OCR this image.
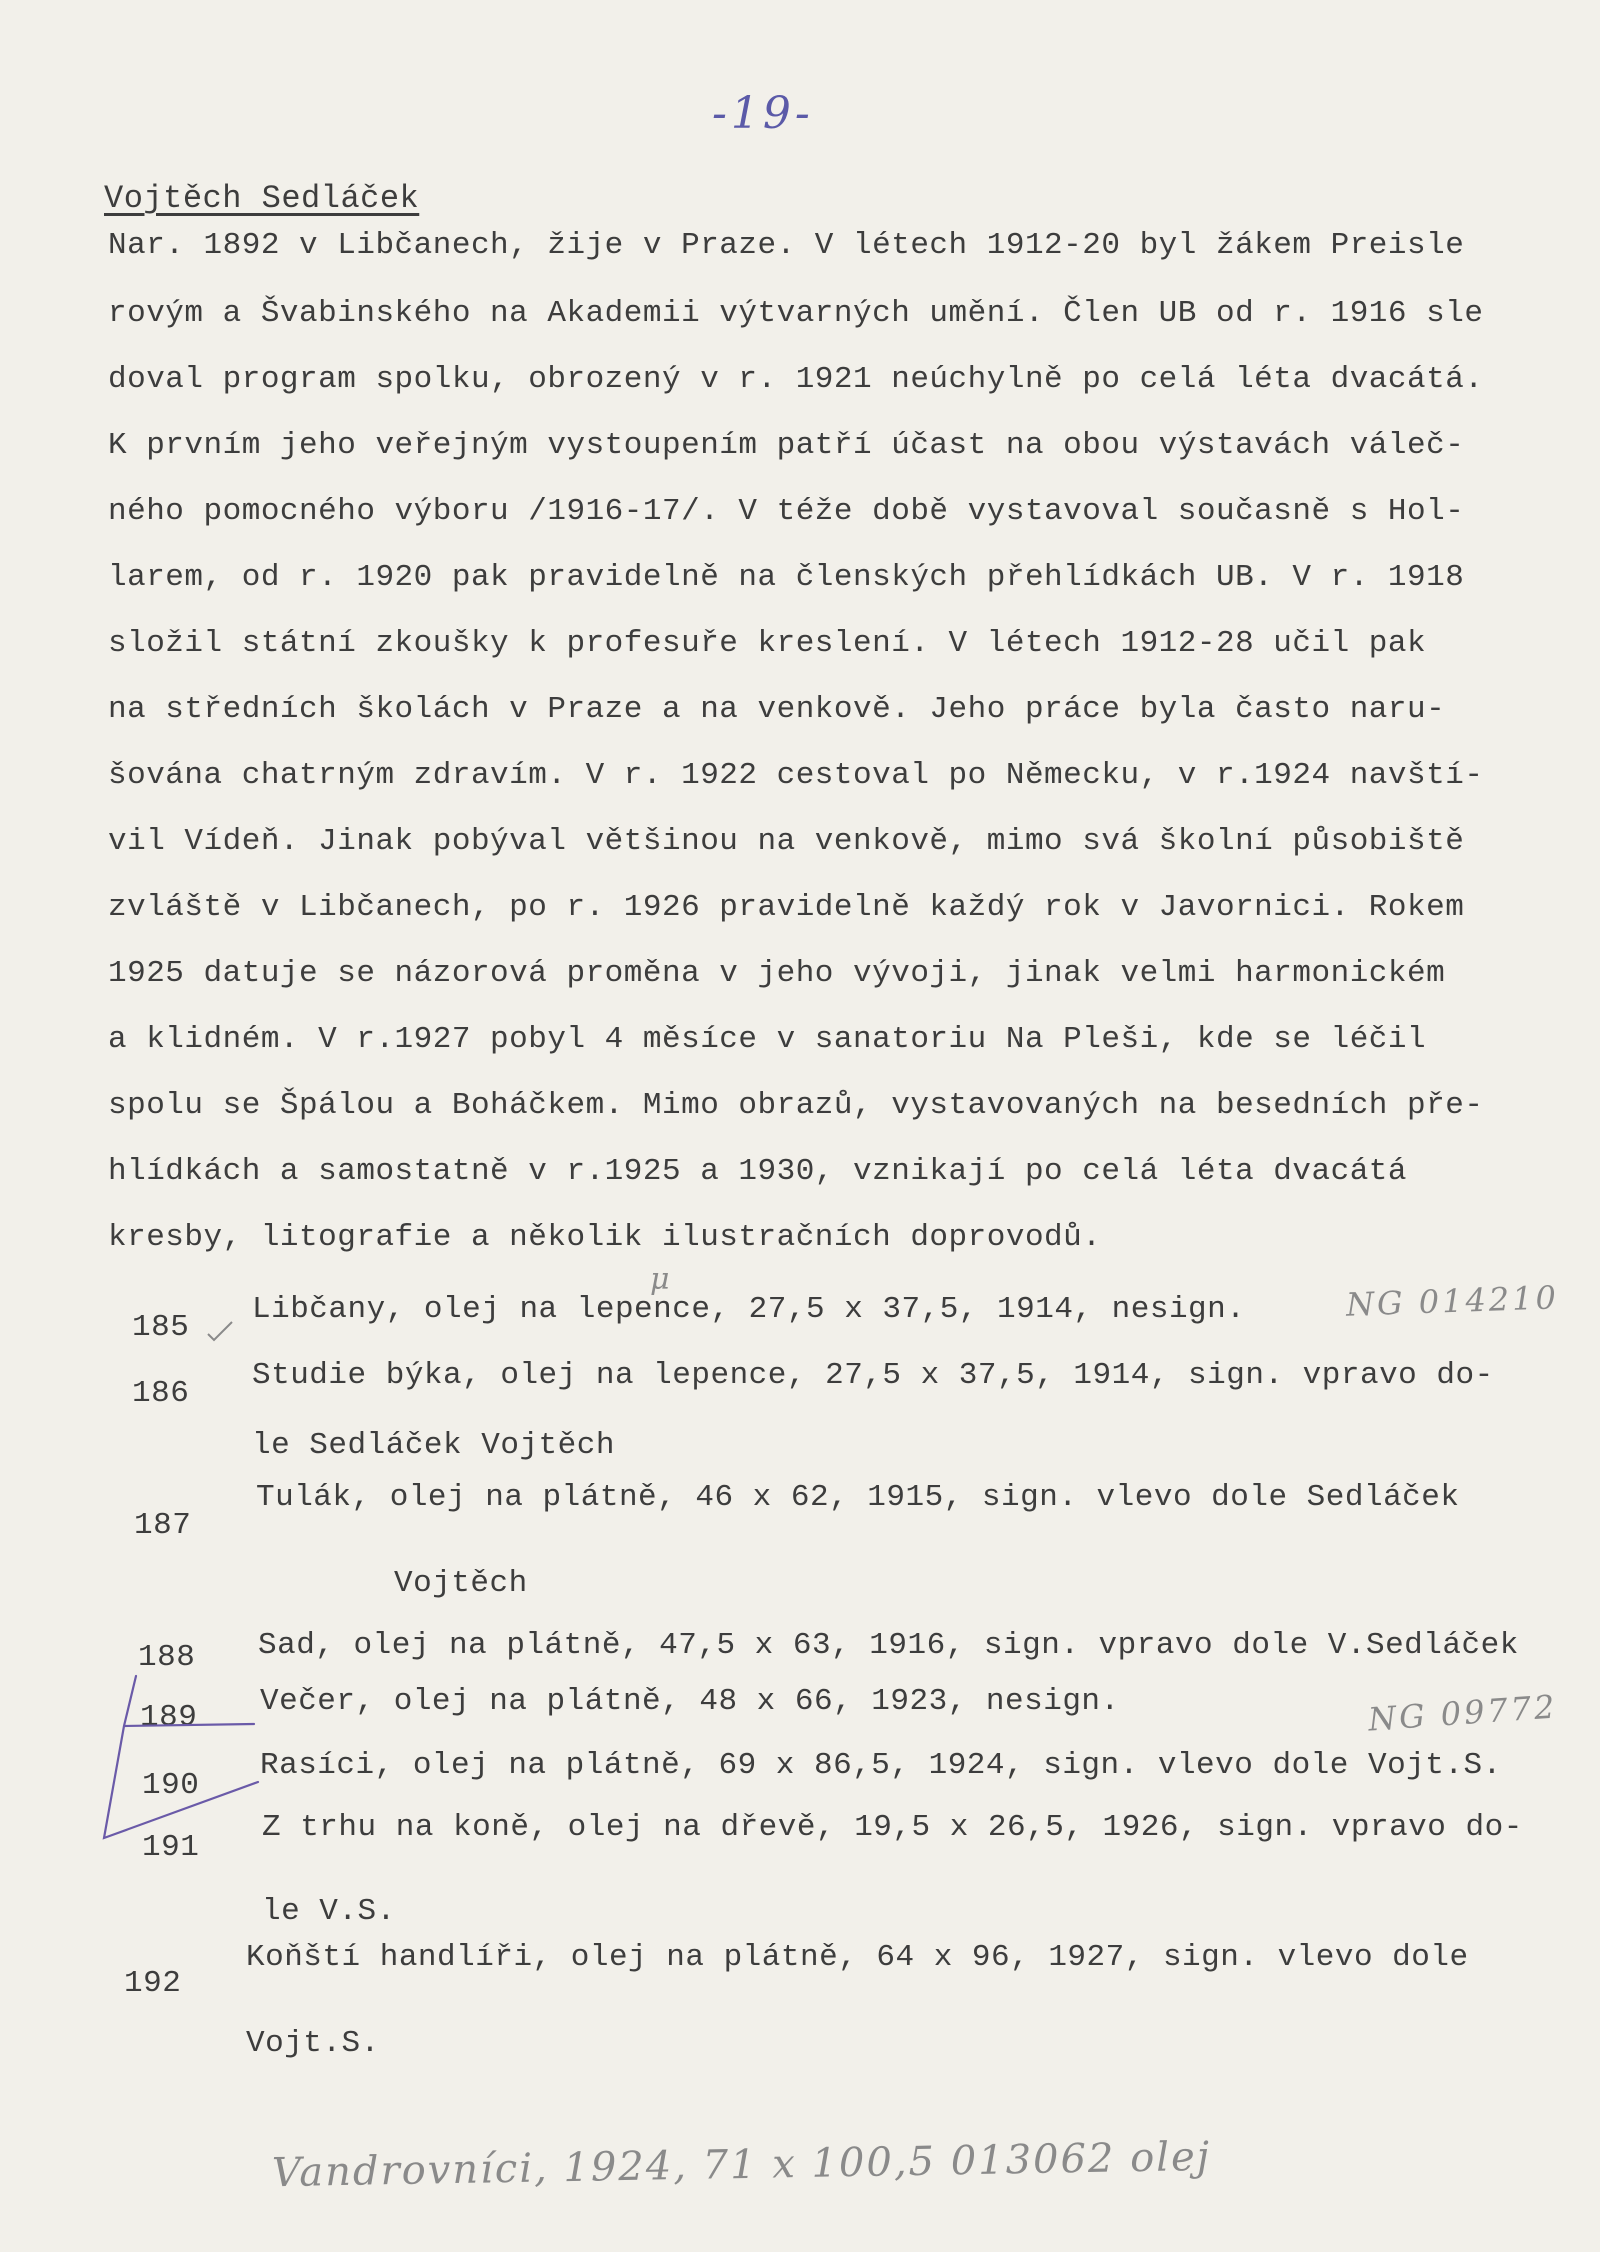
-19-
Vojtěch Sedláček
Nar. 1892 v Libčanech, žije v Praze. V létech 1912-20 byl žákem Preisle
rovým a Švabinského na Akademii výtvarných umění. Člen UB od r. 1916 sle
doval program spolku, obrozený v r. 1921 neúchylně po celá léta dvacátá.
K prvním jeho veřejným vystoupením patří účast na obou výstavách váleč-
ného pomocného výboru /1916-17/. V téže době vystavoval současně s Hol-
larem, od r. 1920 pak pravidelně na členských přehlídkách UB. V r. 1918
složil státní zkoušky k profesuře kreslení. V létech 1912-28 učil pak
na středních školách v Praze a na venkově. Jeho práce byla často naru-
šována chatrným zdravím. V r. 1922 cestoval po Německu, v r.1924 navští-
vil Vídeň. Jinak pobýval většinou na venkově, mimo svá školní působiště
zvláště v Libčanech, po r. 1926 pravidelně každý rok v Javornici. Rokem
1925 datuje se názorová proměna v jeho vývoji, jinak velmi harmonickém
a klidném. V r.1927 pobyl 4 měsíce v sanatoriu Na Pleši, kde se léčil
spolu se Špálou a Boháčkem. Mimo obrazů, vystavovaných na besedních pře-
hlídkách a samostatně v r.1925 a 1930, vznikají po celá léta dvacátá
kresby, litografie a několik ilustračních doprovodů.
185
Libčany, olej na lepence, 27,5 x 37,5, 1914, nesign.
186
Studie býka, olej na lepence, 27,5 x 37,5, 1914, sign. vpravo do-
le Sedláček Vojtěch
187
Tulák, olej na plátně, 46 x 62, 1915, sign. vlevo dole Sedláček
Vojtěch
188 Sad, olej na plátně, 47,5 x 63, 1916, sign. vpravo dole V.Sedláček
189 Večer, olej na plátně, 48 x 66, 1923, nesign.
190
Rasíci, olej na plátně, 69 x 86,5, 1924, sign. vlevo dole Vojt.S.
191
Z trhu na koně, olej na dřevě, 19,5 x 26,5, 1926, sign. vpravo do-
le V.S.
192
Koňští handlíři, olej na plátně, 64 x 96, 1927, sign. vlevo dole
Vojt.S.
μ	NG 014210
NG 09772
Vandrovníci, 1924, 71 x 100,5 013062 olej
